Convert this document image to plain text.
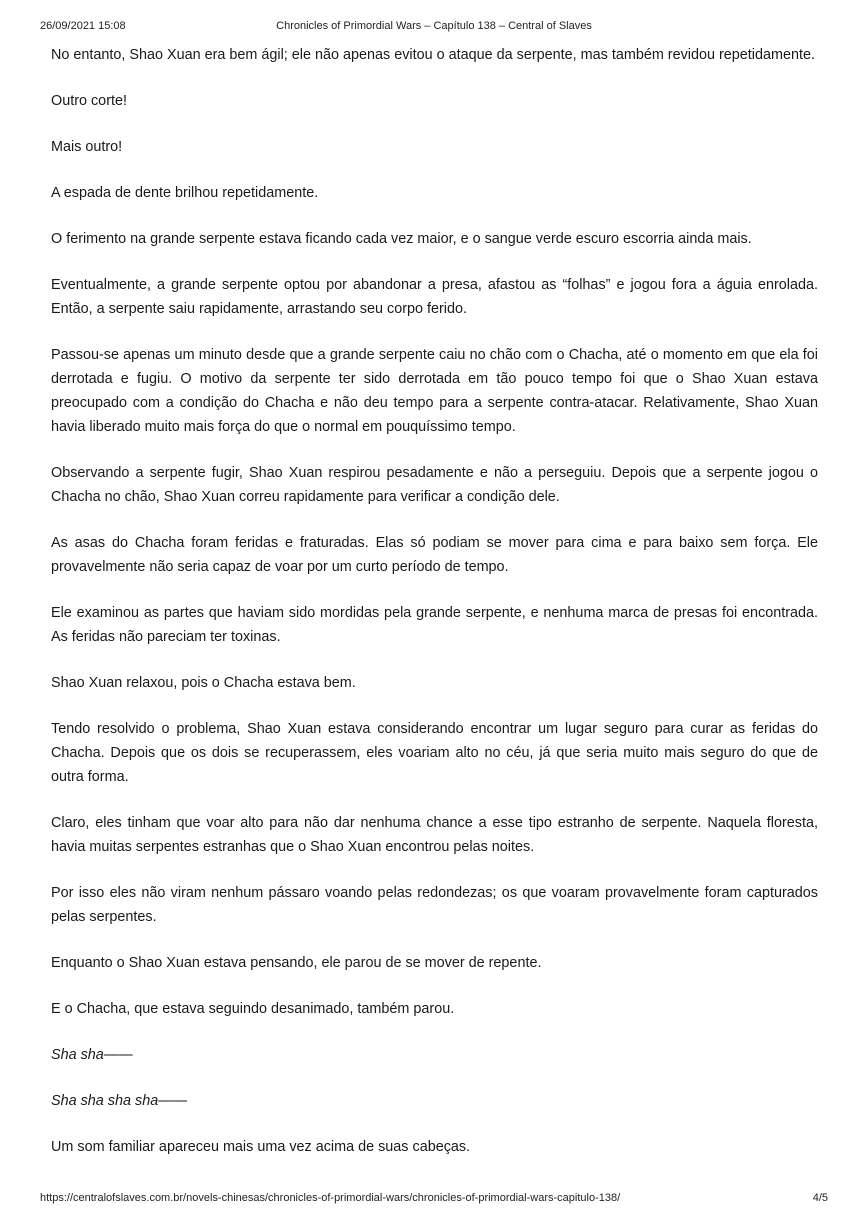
26/09/2021 15:08	Chronicles of Primordial Wars – Capítulo 138 – Central of Slaves

No entanto, Shao Xuan era bem ágil; ele não apenas evitou o ataque da serpente, mas também revidou repetidamente.

Outro corte!

Mais outro!

A espada de dente brilhou repetidamente.

O ferimento na grande serpente estava ficando cada vez maior, e o sangue verde escuro escorria ainda mais.

Eventualmente, a grande serpente optou por abandonar a presa, afastou as “folhas” e jogou fora a águia enrolada. Então, a serpente saiu rapidamente, arrastando seu corpo ferido.

Passou-se apenas um minuto desde que a grande serpente caiu no chão com o Chacha, até o momento em que ela foi derrotada e fugiu. O motivo da serpente ter sido derrotada em tão pouco tempo foi que o Shao Xuan estava preocupado com a condição do Chacha e não deu tempo para a serpente contra-atacar. Relativamente, Shao Xuan havia liberado muito mais força do que o normal em pouquíssimo tempo.

Observando a serpente fugir, Shao Xuan respirou pesadamente e não a perseguiu. Depois que a serpente jogou o Chacha no chão, Shao Xuan correu rapidamente para verificar a condição dele.

As asas do Chacha foram feridas e fraturadas. Elas só podiam se mover para cima e para baixo sem força. Ele provavelmente não seria capaz de voar por um curto período de tempo.

Ele examinou as partes que haviam sido mordidas pela grande serpente, e nenhuma marca de presas foi encontrada. As feridas não pareciam ter toxinas.

Shao Xuan relaxou, pois o Chacha estava bem.

Tendo resolvido o problema, Shao Xuan estava considerando encontrar um lugar seguro para curar as feridas do Chacha. Depois que os dois se recuperassem, eles voariam alto no céu, já que seria muito mais seguro do que de outra forma.

Claro, eles tinham que voar alto para não dar nenhuma chance a esse tipo estranho de serpente. Naquela floresta, havia muitas serpentes estranhas que o Shao Xuan encontrou pelas noites.

Por isso eles não viram nenhum pássaro voando pelas redondezas; os que voaram provavelmente foram capturados pelas serpentes.

Enquanto o Shao Xuan estava pensando, ele parou de se mover de repente.

E o Chacha, que estava seguindo desanimado, também parou.

Sha sha——

Sha sha sha sha——

Um som familiar apareceu mais uma vez acima de suas cabeças.

https://centralofslaves.com.br/novels-chinesas/chronicles-of-primordial-wars/chronicles-of-primordial-wars-capitulo-138/	4/5
